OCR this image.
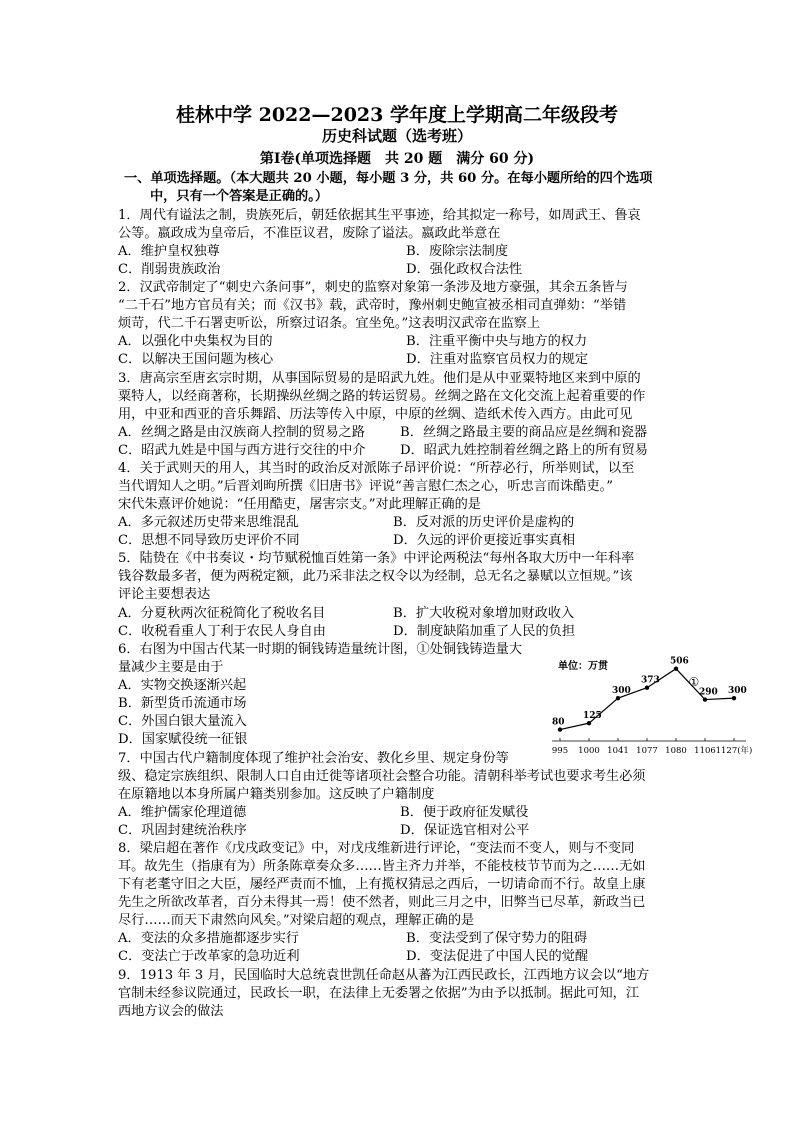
桂林中学 2022—2023 学年度上学期高二年级段考
历史科试题（选考班）
第Ⅰ卷(单项选择题　共 20 题　满分 60 分)
一、单项选择题。（本大题共 20 小题，每小题 3 分，共 60 分。在每小题所给的四个选项
中，只有一个答案是正确的。）
1．周代有谥法之制，贵族死后，朝廷依据其生平事迹，给其拟定一称号，如周武王、鲁哀
公等。嬴政成为皇帝后，不准臣议君，废除了谥法。嬴政此举意在
A．维护皇权独尊	B．废除宗法制度
C．削弱贵族政治	D．强化政权合法性
2．汉武帝制定了“刺史六条问事”，刺史的监察对象第一条涉及地方豪强，其余五条皆与
“二千石”地方官员有关；而《汉书》载，武帝时，豫州刺史鲍宣被丞相司直弹劾：“举错
烦苛，代二千石署吏听讼，所察过诏条。宜坐免。”这表明汉武帝在监察上
A．以强化中央集权为目的	B．注重平衡中央与地方的权力
C．以解决王国问题为核心	D．注重对监察官员权力的规定
3．唐高宗至唐玄宗时期，从事国际贸易的是昭武九姓。他们是从中亚粟特地区来到中原的
粟特人，以经商著称，长期操纵丝绸之路的转运贸易。丝绸之路在文化交流上起着重要的作
用，中亚和西亚的音乐舞蹈、历法等传入中原，中原的丝绸、造纸术传入西方。由此可见
A．丝绸之路是由汉族商人控制的贸易之路	B．丝绸之路最主要的商品应是丝绸和瓷器
C．昭武九姓是中国与西方进行交往的中介	D．昭武九姓控制着丝绸之路上的所有贸易
4．关于武则天的用人，其当时的政治反对派陈子昂评价说：“所荐必行，所举则试，以至
当代谓知人之明。”后晋刘昫所撰《旧唐书》评说“善言慰仁杰之心，听忠言而诛酷吏。”
宋代朱熹评价她说：“任用酷吏，屠害宗支。”对此理解正确的是
A．多元叙述历史带来思维混乱	B．反对派的历史评价是虚构的
C．思想不同导致历史评价不同	D．久远的评价更接近事实真相
5．陆贽在《中书奏议・均节赋税恤百姓第一条》中评论两税法“每州各取大历中一年科率
钱谷数最多者，便为两税定额，此乃采非法之权令以为经制，总无名之暴赋以立恒规。”该
评论主要想表达
A．分夏秋两次征税简化了税收名目	B．扩大收税对象增加财政收入
C．收税看重人丁利于农民人身自由	D．制度缺陷加重了人民的负担
6．右图为中国古代某一时期的铜钱铸造量统计图，①处铜钱铸造量大
量减少主要是由于
A．实物交换逐渐兴起
B．新型货币流通市场
C．外国白银大量流入
D．国家赋役统一征银
单位：万贯
80
125
300
373
506
290 300
995 1000 1041 1077 1080 1106 1127(年)
①
7．中国古代户籍制度体现了维护社会治安、教化乡里、规定身份等
级、稳定宗族组织、限制人口自由迁徙等诸项社会整合功能。清朝科举考试也要求考生必须
在原籍地以本身所属户籍类别参加。这反映了户籍制度
A．维护儒家伦理道德	B．便于政府征发赋役
C．巩固封建统治秩序	D．保证选官相对公平
8．梁启超在著作《戊戌政变记》中，对戊戌维新进行评论，“变法而不变人，则与不变同
耳。故先生（指康有为）所条陈章奏众多……皆主齐力并举，不能枝枝节节而为之……无如
下有老耄守旧之大臣，屡经严责而不恤，上有揽权猜忌之西后，一切请命而不行。故皇上康
先生之所欲改革者，百分未得其一焉！使不然者，则此三月之中，旧弊当已尽革，新政当已
尽行……而天下肃然向风矣。”对梁启超的观点，理解正确的是
A．变法的众多措施都逐步实行	B．变法受到了保守势力的阻碍
C．变法亡于改革家的急功近利	D．变法促进了中国人民的觉醒
9．1913 年 3 月，民国临时大总统袁世凯任命赵从蕃为江西民政长，江西地方议会以“地方
官制未经参议院通过，民政长一职，在法律上无委署之依据”为由予以抵制。据此可知，江
西地方议会的做法
